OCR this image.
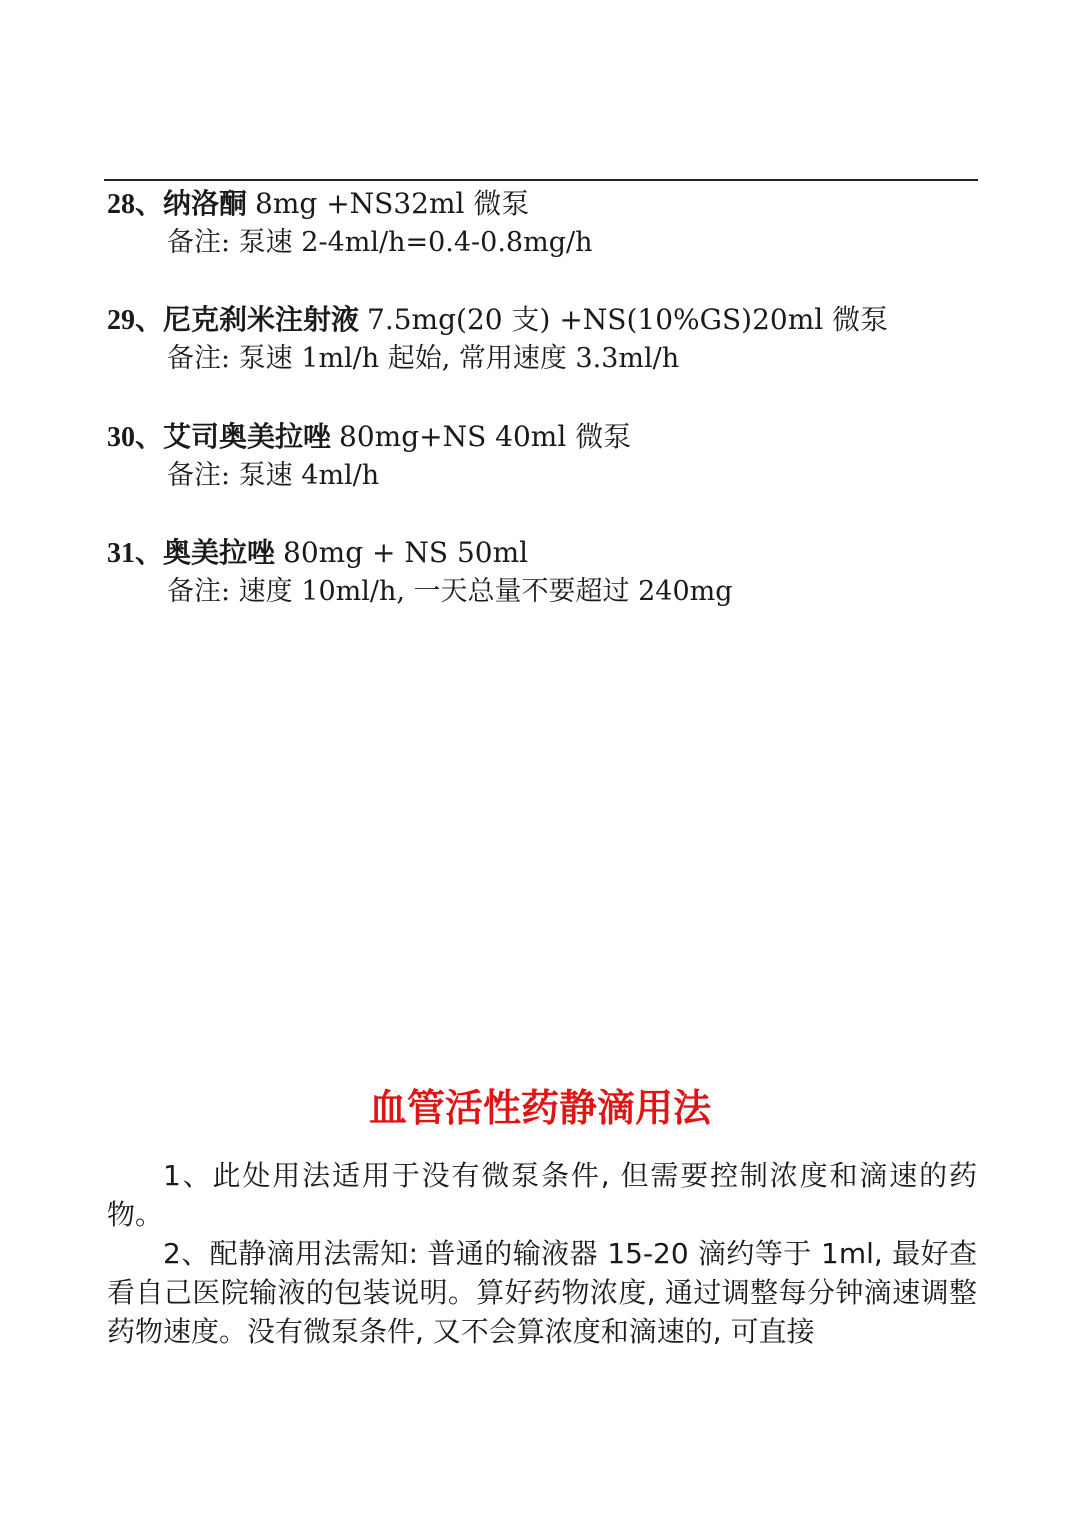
28、纳洛酮 8mg +NS32ml 微泵
备注: 泵速 2-4ml/h=0.4-0.8mg/h
29、尼克刹米注射液 7.5mg(20 支) +NS(10%GS)20ml 微泵
备注: 泵速 1ml/h 起始, 常用速度 3.3ml/h
30、艾司奥美拉唑 80mg+NS 40ml 微泵
备注: 泵速 4ml/h
31、奥美拉唑 80mg + NS 50ml
备注: 速度 10ml/h, 一天总量不要超过 240mg
血管活性药静滴用法

1、此处用法适用于没有微泵条件, 但需要控制浓度和滴速的药物。

2、配静滴用法需知: 普通的输液器 15-20 滴约等于 1ml, 最好查看自己医院输液的包装说明。算好药物浓度, 通过调整每分钟滴速调整药物速度。没有微泵条件, 又不会算浓度和滴速的, 可直接
